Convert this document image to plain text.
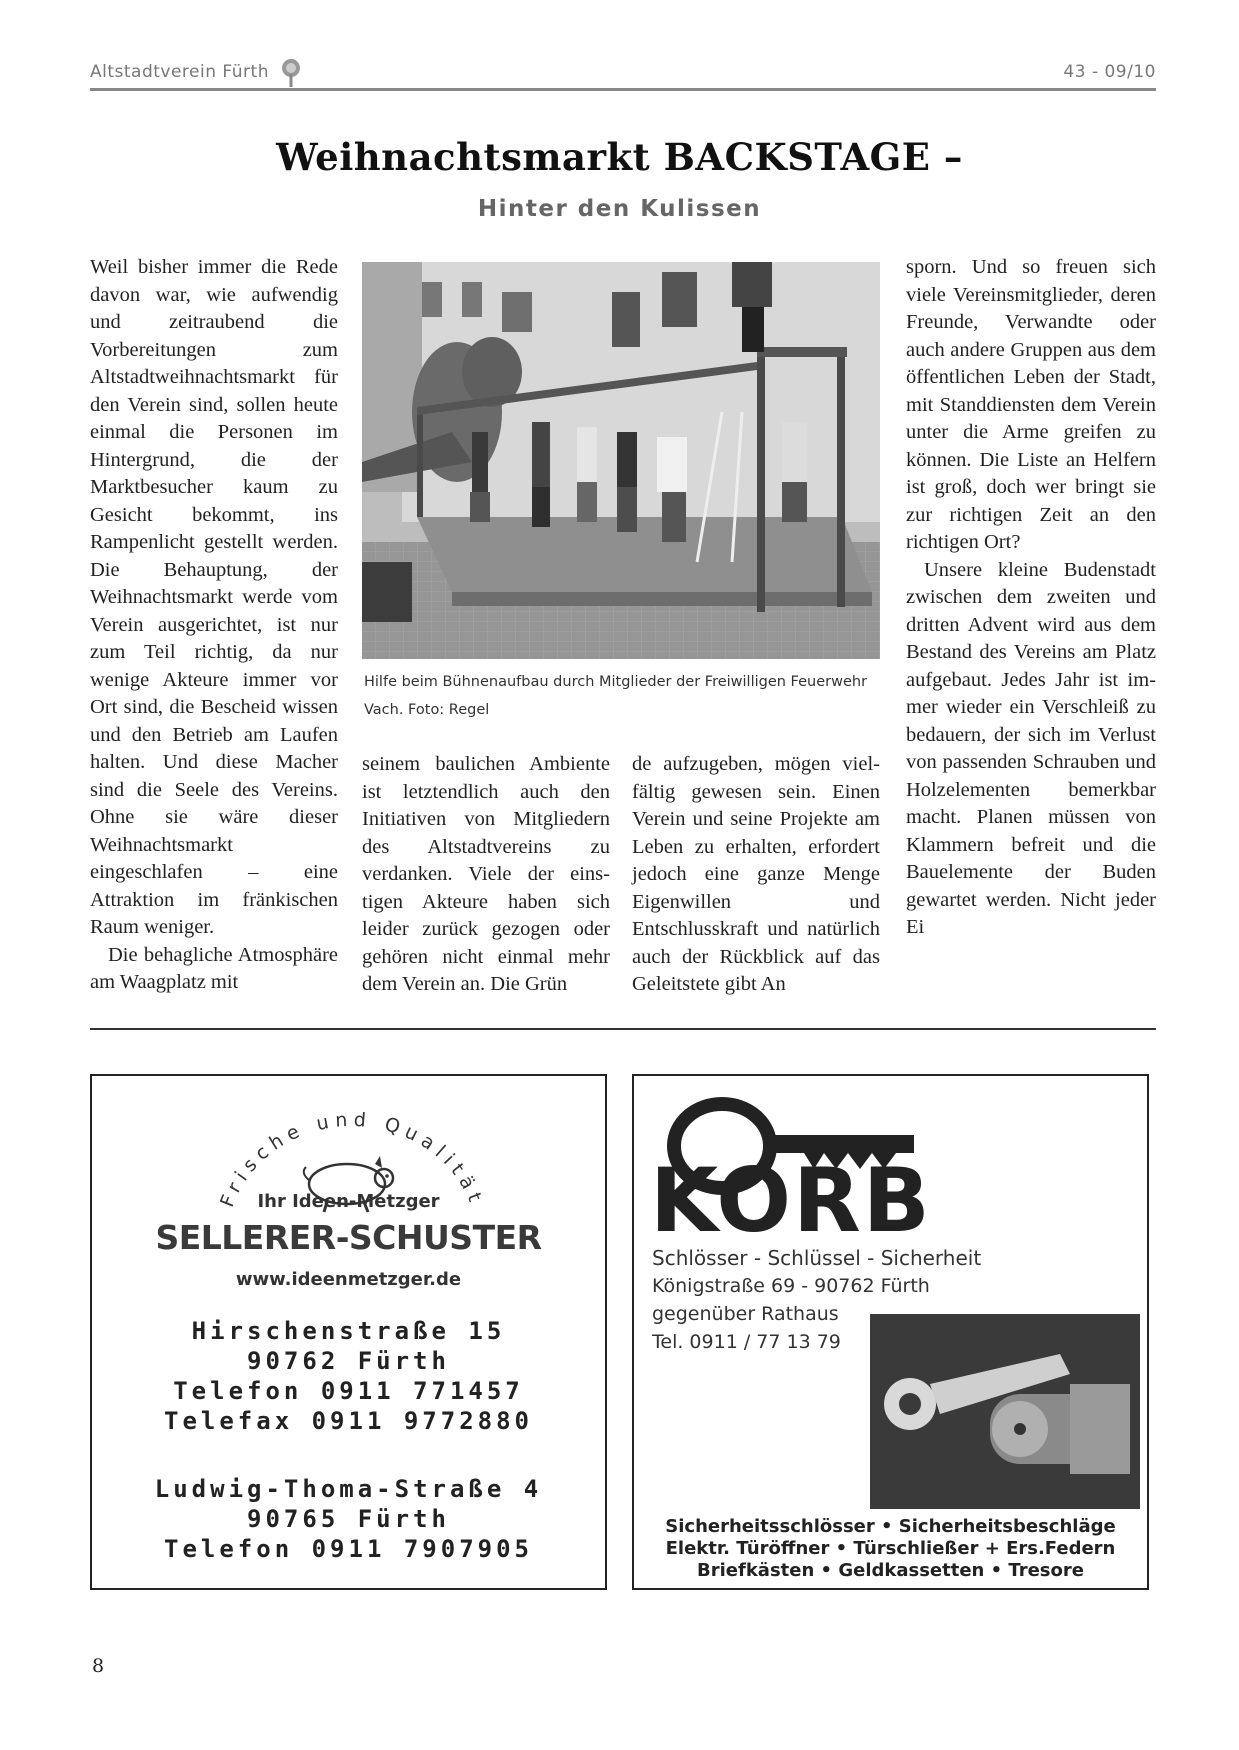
Altstadtverein Fürth	43 - 09/10
Weihnachtsmarkt BACKSTAGE –
Hinter den Kulissen

Weil bisher immer die Rede davon war, wie aufwendig und zeitraubend die Vorbereitungen zum Altstadtweihnachtsmarkt für den Verein sind, sollen heute einmal die Personen im Hintergrund, die der Marktbesucher kaum zu Gesicht bekommt, ins Rampenlicht gestellt werden. Die Behauptung, der Weihnachtsmarkt werde vom Verein ausgerichtet, ist nur zum Teil richtig, da nur wenige Akteure immer vor Ort sind, die Bescheid wissen und den Betrieb am Laufen halten. Und diese Macher sind die Seele des Vereins. Ohne sie wäre dieser Weihnachtsmarkt eingeschlafen – eine Attraktion im fränkischen Raum weniger.

Die behagliche Atmosphäre am Waagplatz mit

Hilfe beim Bühnenaufbau durch Mitglieder der Freiwilligen Feuerwehr Vach. Foto: Regel

seinem baulichen Ambiente ist letztendlich auch den Initiativen von Mitgliedern des Altstadtvereins zu verdanken. Viele der einstigen Akteure haben sich leider zurück gezogen oder gehören nicht einmal mehr dem Verein an. Die Grün

de aufzugeben, mögen vielfältig gewesen sein. Einen Verein und seine Projekte am Leben zu erhalten, erfordert jedoch eine ganze Menge Eigenwillen und Entschlusskraft und natürlich auch der Rückblick auf das Geleitstete gibt An

sporn. Und so freuen sich viele Vereinsmitglieder, deren Freunde, Verwandte oder auch andere Gruppen aus dem öffentlichen Leben der Stadt, mit Standdiensten dem Verein unter die Arme greifen zu können. Die Liste an Helfern ist groß, doch wer bringt sie zur richtigen Zeit an den richtigen Ort?

Unsere kleine Budenstadt zwischen dem zweiten und dritten Advent wird aus dem Bestand des Vereins am Platz aufgebaut. Jedes Jahr ist immer wieder ein Verschleiß zu bedauern, der sich im Verlust von passenden Schrauben und Holzelementen bemerkbar macht. Planen müssen von Klammern befreit und die Bauelemente der Buden gewartet werden. Nicht jeder Ei

Frische und Qualität
Ihr Ideen-Metzger
SELLERER-SCHUSTER
www.ideenmetzger.de
Hirschenstraße 15
90762 Fürth
Telefon 0911 771457
Telefax 0911 9772880
Ludwig-Thoma-Straße 4
90765 Fürth
Telefon 0911 7907905
KORB
Schlösser - Schlüssel - Sicherheit
Königstraße 69 - 90762 Fürth
gegenüber Rathaus
Tel. 0911 / 77 13 79
Sicherheitsschlösser • Sicherheitsbeschläge
Elektr. Türöffner • Türschließer + Ers.Federn
Briefkästen • Geldkassetten • Tresore
8
